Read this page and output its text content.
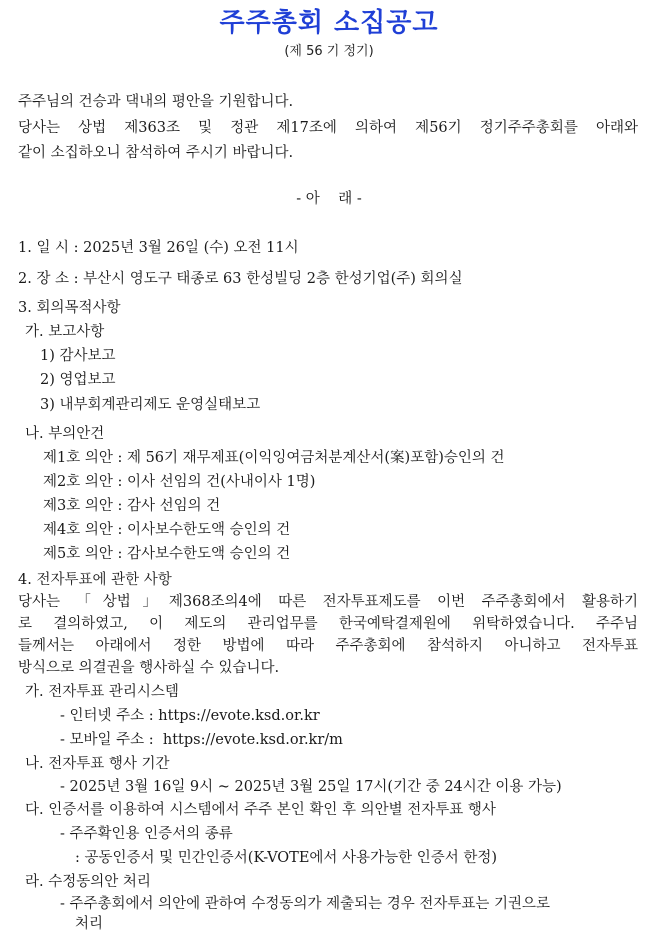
주주총회 소집공고
(제 56 기 정기)
주주님의 건승과 댁내의 평안을 기원합니다.
당사는 상법 제363조 및 정관 제17조에 의하여 제56기 정기주주총회를 아래와
같이 소집하오니 참석하여 주시기 바랍니다.
- 아    래 -
1. 일 시 : 2025년 3월 26일 (수) 오전 11시
2. 장 소 : 부산시 영도구 태종로 63 한성빌딩 2층 한성기업(주) 회의실
3. 회의목적사항
가. 보고사항
1) 감사보고
2) 영업보고
3) 내부회계관리제도 운영실태보고
나. 부의안건
제1호 의안 : 제 56기 재무제표(이익잉여금처분계산서(案)포함)승인의 건
제2호 의안 : 이사 선임의 건(사내이사 1명)
제3호 의안 : 감사 선임의 건
제4호 의안 : 이사보수한도액 승인의 건
제5호 의안 : 감사보수한도액 승인의 건
4. 전자투표에 관한 사항
당사는 「상법」제368조의4에 따른 전자투표제도를 이번 주주총회에서 활용하기
로 결의하였고, 이 제도의 관리업무를 한국예탁결제원에 위탁하였습니다. 주주님
들께서는 아래에서 정한 방법에 따라 주주총회에 참석하지 아니하고 전자투표
방식으로 의결권을 행사하실 수 있습니다.
가. 전자투표 관리시스템
- 인터넷 주소 : https://evote.ksd.or.kr
- 모바일 주소 :  https://evote.ksd.or.kr/m
나. 전자투표 행사 기간
- 2025년 3월 16일 9시 ~ 2025년 3월 25일 17시(기간 중 24시간 이용 가능)
다. 인증서를 이용하여 시스템에서 주주 본인 확인 후 의안별 전자투표 행사
- 주주확인용 인증서의 종류
: 공동인증서 및 민간인증서(K-VOTE에서 사용가능한 인증서 한정)
라. 수정동의안 처리
- 주주총회에서 의안에 관하여 수정동의가 제출되는 경우 전자투표는 기권으로
처리
